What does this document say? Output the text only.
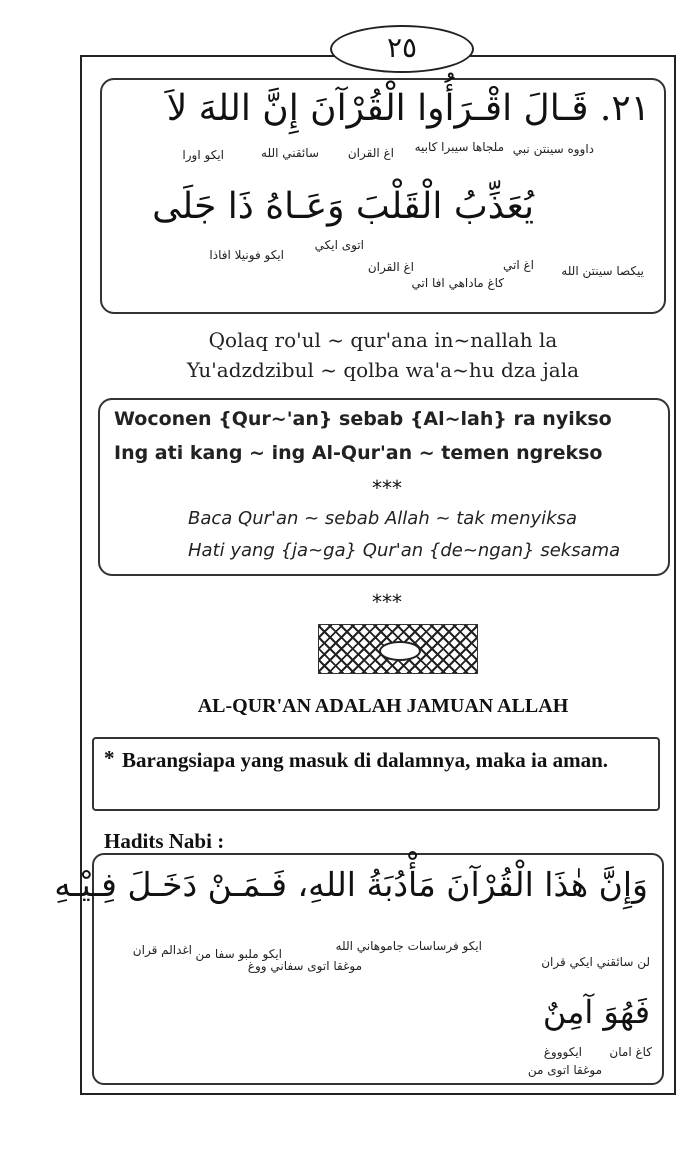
٢٥
٢١. قَـالَ اقْـرَأُوا الْقُرْآنَ إِنَّ اللهَ لاَ
داووه سينتن نبي
ملجاها سيبرا كابيه
اغ القران
سائقني الله
ايكو اورا
يُعَذِّبُ الْقَلْبَ وَعَـاهُ ذَا جَلَى
ييكصا سينتن الله
اغ اتي
كاغ ماداهي افا اتي
اغ القران
اتوى ايكي
ايكو فونيلا افاذا
Qolaq ro'ul ~ qur'ana in~nallah la
Yu'adzdzibul ~ qolba wa'a~hu dza jala
Woconen {Qur~'an} sebab {Al~lah} ra nyikso
Ing ati kang ~ ing Al-Qur'an ~ temen ngrekso
***
Baca Qur'an ~ sebab Allah ~ tak menyiksa
Hati yang {ja~ga} Qur'an {de~ngan} seksama
***
AL-QUR'AN ADALAH JAMUAN ALLAH
* Barangsiapa yang masuk di dalamnya, maka ia aman.
Hadits Nabi :
وَإِنَّ هٰذَا الْقُرْآنَ مَأْدُبَةُ اللهِ، فَـمَـنْ دَخَـلَ فِـيْـهِ
لن سائقني ايكي قران
ايكو فرساسات جاموهاني الله
موغقا اتوى سفاني ووغ
ايكو ملبو سفا من
اغدالم قران
فَهُوَ آمِنٌ
ايكوووغ كاغ امان
موغقا اتوى من
